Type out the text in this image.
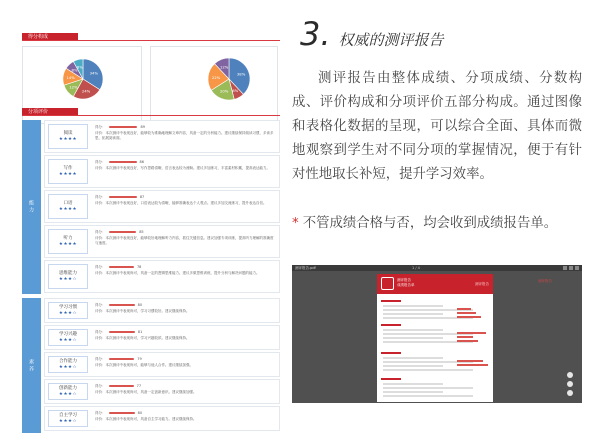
得分构成
34%
24%
12%
14%
8%
8%
38%
8%
20%
22%
12%
分项评价
能力
素养
阅读
★★★★
得分：	89
评价：本次测评中表现良好，能够较为准确地理解文章内容，具备一定的分析能力。建议继续保持阅读习惯，多读多思，拓展阅读面。
写作
★★★★
得分：	86
评价：本次测评中表现良好，写作思路清晰，语言表达较为流畅。建议多加练习，丰富素材积累，提高表达能力。
口语
★★★★
得分：	87
评价：本次测评中表现良好，口语表达较为清晰，能够准确表达个人观点。建议多加交流练习，提升表达自信。
听力
★★★★
得分：	85
评价：本次测评中表现良好，能够较好地理解听力内容，抓住关键信息。建议加强专项训练，提高听力理解的准确度与速度。
思维能力
★★★☆
得分：	78
评价：本次测评中表现尚可，具备一定的逻辑思维能力。建议多做思维训练，提升分析与解决问题的能力。
学习习惯
★★★☆
得分：	80
评价：本次测评中表现尚可，学习习惯较好。建议继续保持。
学习兴趣
★★★☆
得分：	81
评价：本次测评中表现尚可，学习兴趣较浓。建议继续保持。
合作能力
★★★☆
得分：	79
评价：本次测评中表现尚可，能够与他人合作。建议继续加强。
创新能力
★★★☆
得分：	77
评价：本次测评中表现尚可，具备一定创新意识。建议继续加强。
自主学习
★★★☆
得分：	80
评价：本次测评中表现尚可，具备自主学习能力。建议继续保持。
3 . 权威的测评报告

测评报告由整体成绩、分项成绩、分数构成、评价构成和分项评价五部分构成。通过图像和表格化数据的呈现，可以综合全面、具体而微地观察到学生对不同分项的掌握情况，便于有针对性地取长补短，提升学习效率。

* 不管成绩合格与否，均会收到成绩报告单。

测评报告.pdf	1 / 4
测评报告
成绩报告单	测评报告
测评报告
